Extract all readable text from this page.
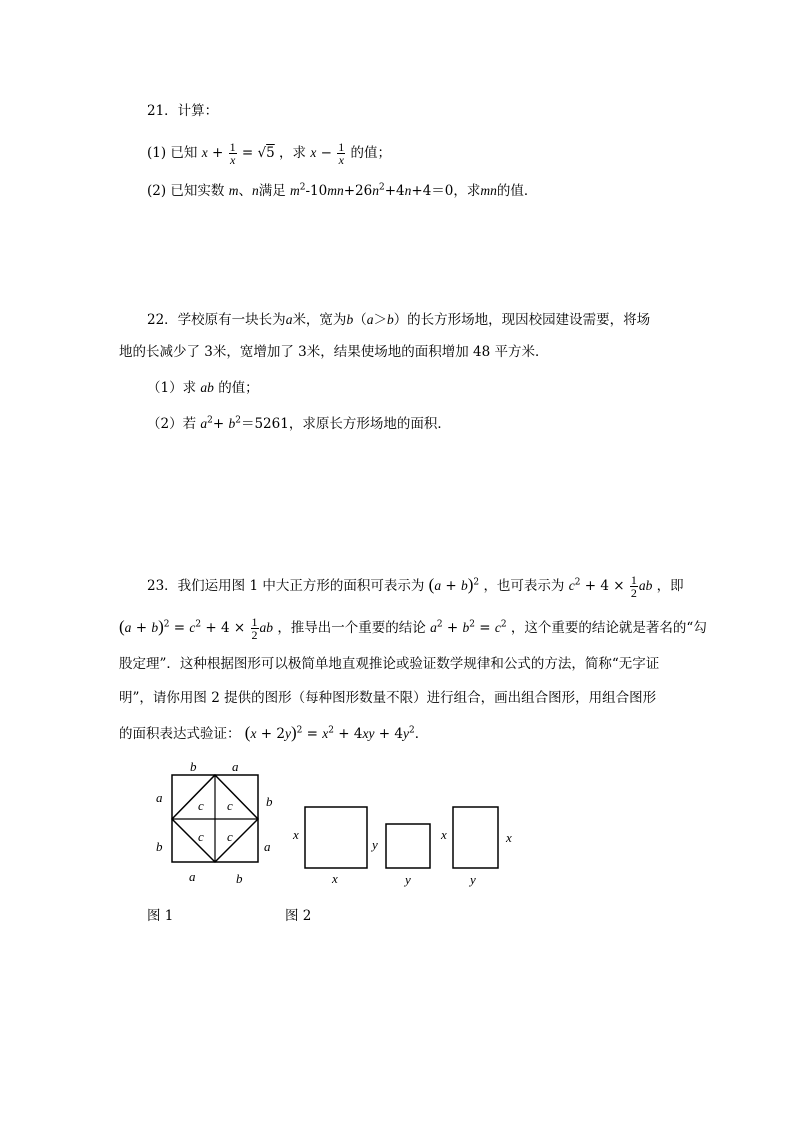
21．计算：
(1) 已知 $x + \frac{1}{x} = √5$ ，求 $x - \frac{1}{x}$ 的值；
(2) 已知实数 m、n满足 $m^2-10mn+26n^2+4n+4=0$，求mn的值．
22．学校原有一块长为a米，宽为b（a＞b）的长方形场地，现因校园建设需要，将场
地的长减少了 3米，宽增加了 3米，结果使场地的面积增加 48 平方米．
（1）求 ab 的值；
（2）若 $a^2+ b^2=5261$，求原长方形场地的面积．
23．我们运用图 1 中大正方形的面积可表示为 $(a + b)^2$ ，也可表示为 $c^2 + 4 \times \frac{1}{2}$ ab ，即
$(a + b)^2 = c^2 + 4 \times \frac{1}{2}$ ab ，推导出一个重要的结论 $a^2 + b^2 = c^2$ ，这个重要的结论就是著名的“勾
股定理”．这种根据图形可以极简单地直观推论或验证数学规律和公式的方法，简称“无字证
明”，请你用图 2 提供的图形（每种图形数量不限）进行组合，画出组合图形，用组合图形
的面积表达式验证： $(x + 2y)^2 = x^2 + 4xy + 4y^2$．
b	a
a
b
b
a
a	b
c c
c c	x
x
y
y
x	x
y
图 1	图 2
